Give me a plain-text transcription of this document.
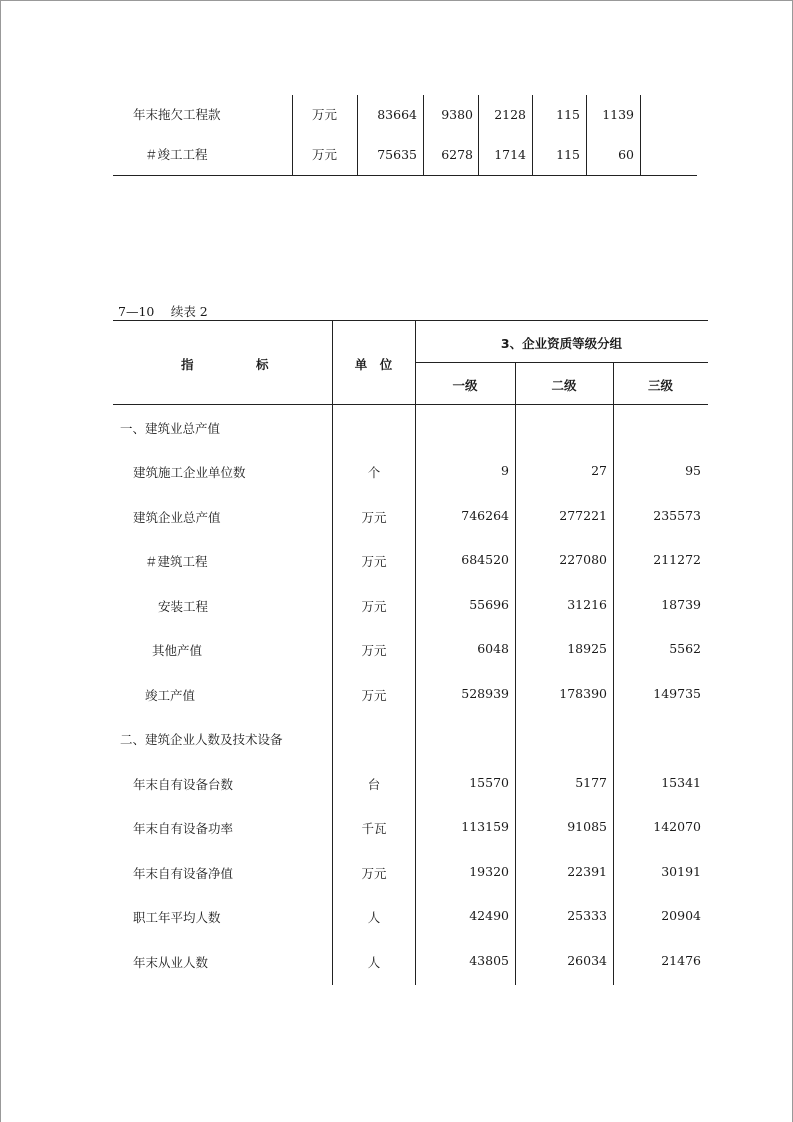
年末拖欠工程款	万元	83664	9380	2128	115	1139
＃竣工工程	万元	75635	6278	1714	115	60
7—10　 续表 2
指　　　　　标	单　位
3、企业资质等级分组
一级	二级	三级
一、建筑业总产值
建筑施工企业单位数	个	9	27	95
建筑企业总产值	万元	746264	277221	235573
＃建筑工程	万元	684520	227080	211272
安装工程	万元	55696	31216	18739
其他产值	万元	6048	18925	5562
竣工产值	万元	528939	178390	149735
二、建筑企业人数及技术设备
年末自有设备台数	台	15570	5177	15341
年末自有设备功率	千瓦	113159	91085	142070
年末自有设备净值	万元	19320	22391	30191
职工年平均人数	人	42490	25333	20904
年末从业人数	人	43805	26034	21476
